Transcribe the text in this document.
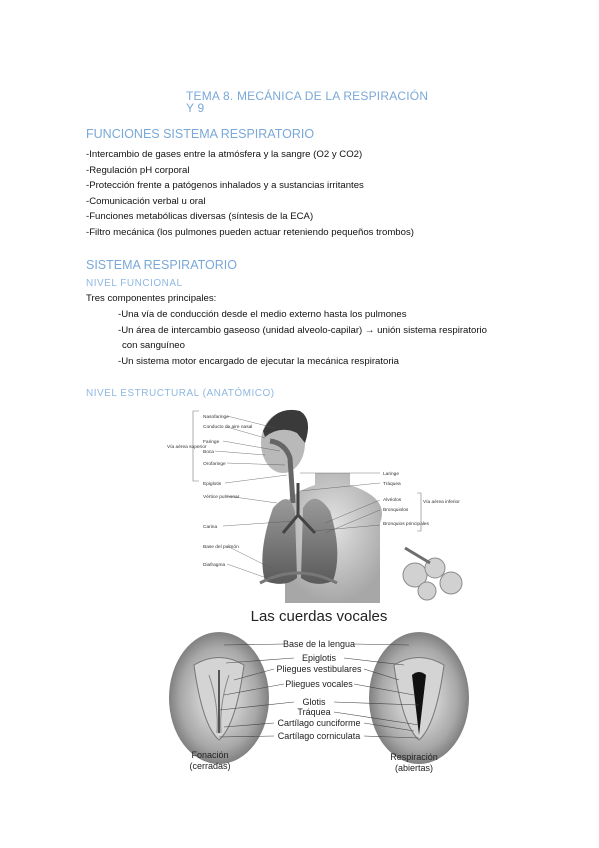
TEMA 8. MECÁNICA DE LA RESPIRACIÓN
Y 9
FUNCIONES SISTEMA RESPIRATORIO
-Intercambio de gases entre la atmósfera y la sangre (O2 y CO2)
-Regulación pH corporal
-Protección frente a patógenos inhalados y a sustancias irritantes
-Comunicación verbal u oral
-Funciones metabólicas diversas (síntesis de la ECA)
-Filtro mecánica (los pulmones pueden actuar reteniendo pequeños trombos)
SISTEMA RESPIRATORIO
NIVEL FUNCIONAL
Tres componentes principales:
-Una vía de conducción desde el medio externo hasta los pulmones
-Un área de intercambio gaseoso (unidad alveolo-capilar) → unión sistema respiratorio
con sanguíneo
-Un sistema motor encargado de ejecutar la mecánica respiratoria
NIVEL ESTRUCTURAL (ANATÓMICO)
Nasofaringe
Conducto de aire nasal
Faringe
Boca
Orofaringe
Epiglotis
Vértice pulmonar
Carina
Base del pulmón
Diafragma
Vía aérea superior
Laringe
Tráquea
Alvéolos
Bronquiolos
Bronquios principales
Vía aérea inferior
Las cuerdas vocales
Base de la lengua
Epiglotis
Pliegues vestibulares
Pliegues vocales
Glotis
Tráquea
Cartílago cunciforme
Cartílago corniculata
Fonación
(cerradas)
Respiración
(abiertas)
